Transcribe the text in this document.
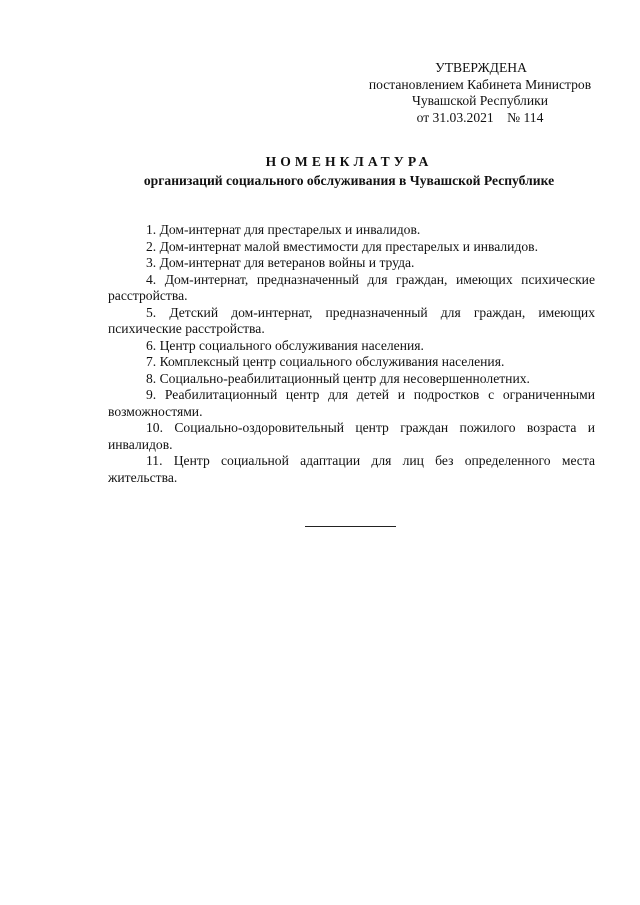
УТВЕРЖДЕНА
постановлением Кабинета Министров
Чувашской Республики
от 31.03.2021 № 114
НОМЕНКЛАТУРА
организаций социального обслуживания в Чувашской Республике

1. Дом-интернат для престарелых и инвалидов.

2. Дом-интернат малой вместимости для престарелых и инвалидов.

3. Дом-интернат для ветеранов войны и труда.

4. Дом-интернат, предназначенный для граждан, имеющих психические расстройства.

5. Детский дом-интернат, предназначенный для граждан, имеющих психические расстройства.

6. Центр социального обслуживания населения.

7. Комплексный центр социального обслуживания населения.

8. Социально-реабилитационный центр для несовершеннолетних.

9. Реабилитационный центр для детей и подростков с ограниченными возможностями.

10. Социально-оздоровительный центр граждан пожилого возраста и инвалидов.

11. Центр социальной адаптации для лиц без определенного места жительства.
